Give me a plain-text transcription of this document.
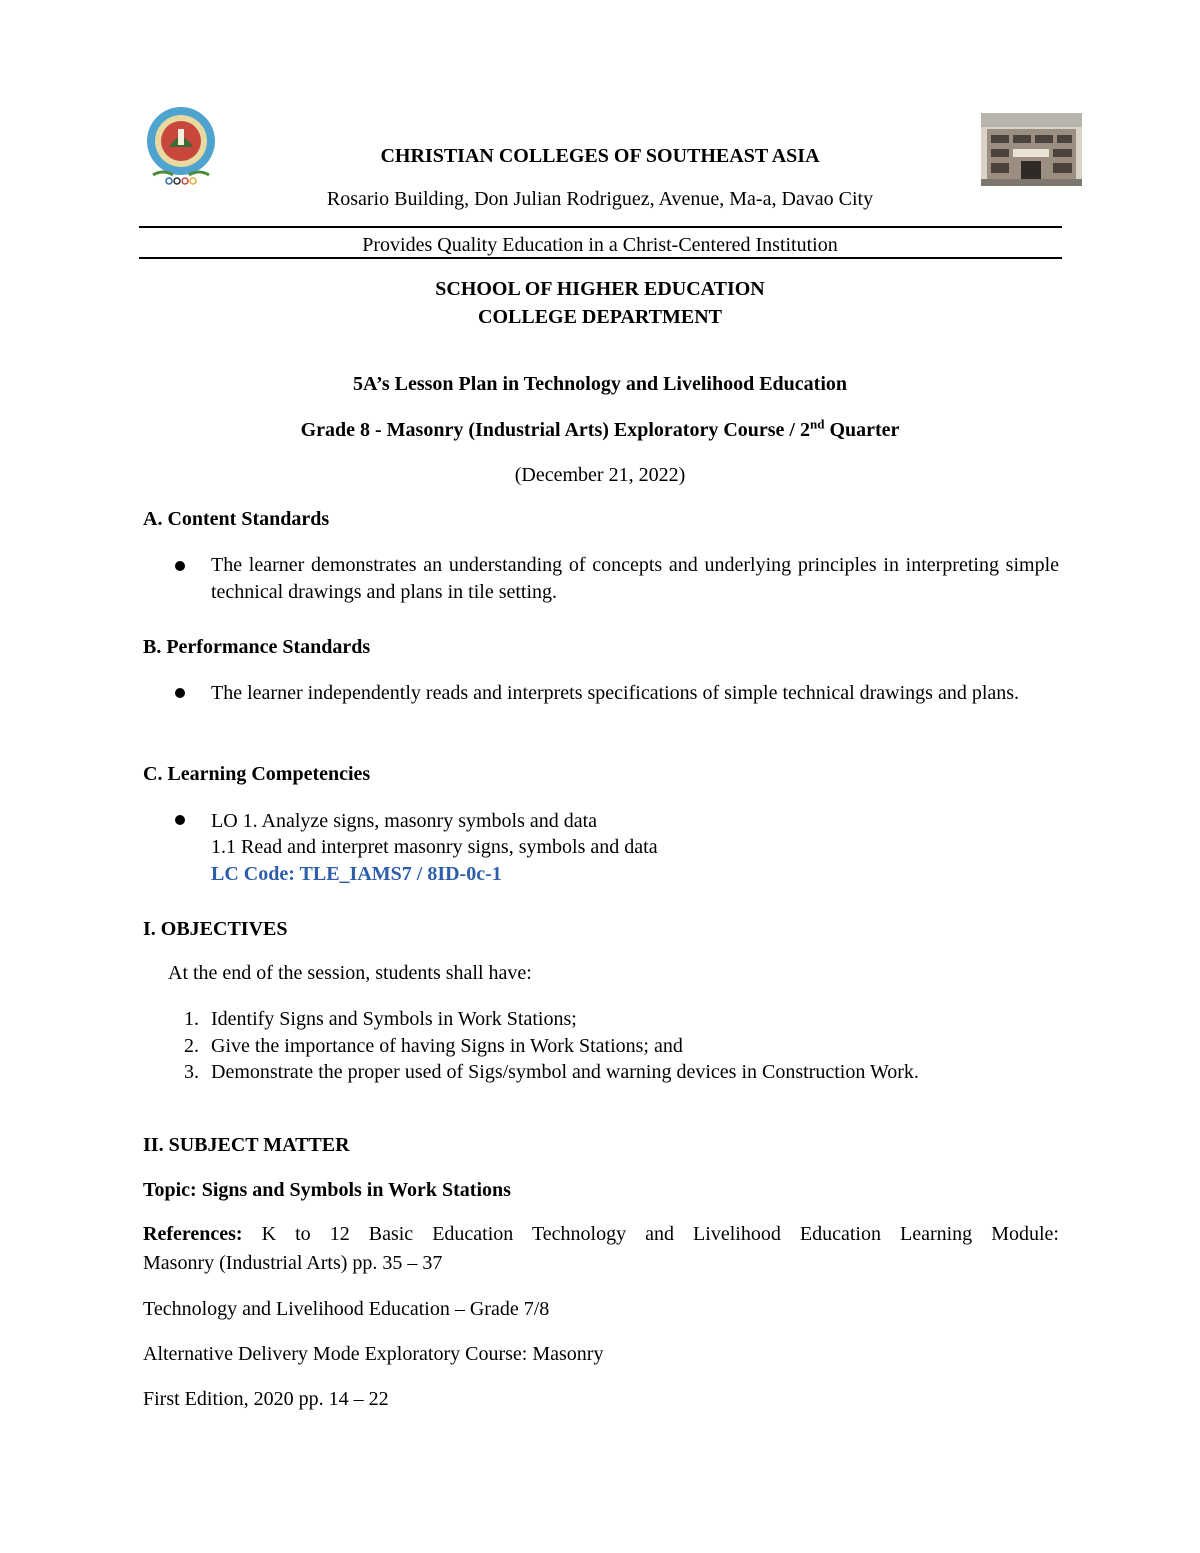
CHRISTIAN COLLEGES OF SOUTHEAST ASIA
Rosario Building, Don Julian Rodriguez, Avenue, Ma-a, Davao City
Provides Quality Education in a Christ-Centered Institution
SCHOOL OF HIGHER EDUCATION
COLLEGE DEPARTMENT
5A’s Lesson Plan in Technology and Livelihood Education
Grade 8 - Masonry (Industrial Arts) Exploratory Course / 2nd Quarter
(December 21, 2022)
A. Content Standards
The learner demonstrates an understanding of concepts and underlying principles in interpreting simple technical drawings and plans in tile setting.
B. Performance Standards
The learner independently reads and interprets specifications of simple technical drawings and plans.
C. Learning Competencies
LO 1. Analyze signs, masonry symbols and data
1.1 Read and interpret masonry signs, symbols and data
LC Code: TLE_IAMS7 / 8ID-0c-1
I. OBJECTIVES
At the end of the session, students shall have:
1. Identify Signs and Symbols in Work Stations;
2. Give the importance of having Signs in Work Stations; and
3. Demonstrate the proper used of Sigs/symbol and warning devices in Construction Work.
II. SUBJECT MATTER
Topic: Signs and Symbols in Work Stations
References: K to 12 Basic Education Technology and Livelihood Education Learning Module:
Masonry (Industrial Arts) pp. 35 – 37
Technology and Livelihood Education – Grade 7/8
Alternative Delivery Mode Exploratory Course: Masonry
First Edition, 2020 pp. 14 – 22
